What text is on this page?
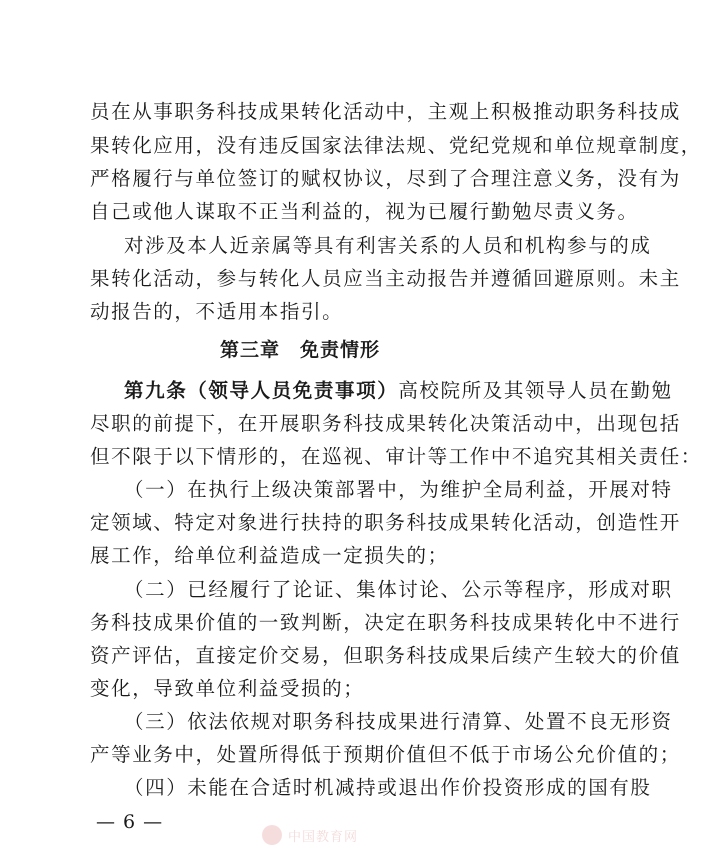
员在从事职务科技成果转化活动中，主观上积极推动职务科技成
果转化应用，没有违反国家法律法规、党纪党规和单位规章制度，
严格履行与单位签订的赋权协议，尽到了合理注意义务，没有为
自己或他人谋取不正当利益的，视为已履行勤勉尽责义务。
对涉及本人近亲属等具有利害关系的人员和机构参与的成
果转化活动，参与转化人员应当主动报告并遵循回避原则。未主
动报告的，不适用本指引。
第三章 免责情形
第九条（领导人员免责事项）高校院所及其领导人员在勤勉
尽职的前提下，在开展职务科技成果转化决策活动中，出现包括
但不限于以下情形的，在巡视、审计等工作中不追究其相关责任：
（一）在执行上级决策部署中，为维护全局利益，开展对特
定领域、特定对象进行扶持的职务科技成果转化活动，创造性开
展工作，给单位利益造成一定损失的；
（二）已经履行了论证、集体讨论、公示等程序，形成对职
务科技成果价值的一致判断，决定在职务科技成果转化中不进行
资产评估，直接定价交易，但职务科技成果后续产生较大的价值
变化，导致单位利益受损的；
— 6 —
中国教育网
（三）依法依规对职务科技成果进行清算、处置不良无形资
产等业务中，处置所得低于预期价值但不低于市场公允价值的；
（四）未能在合适时机减持或退出作价投资形成的国有股
